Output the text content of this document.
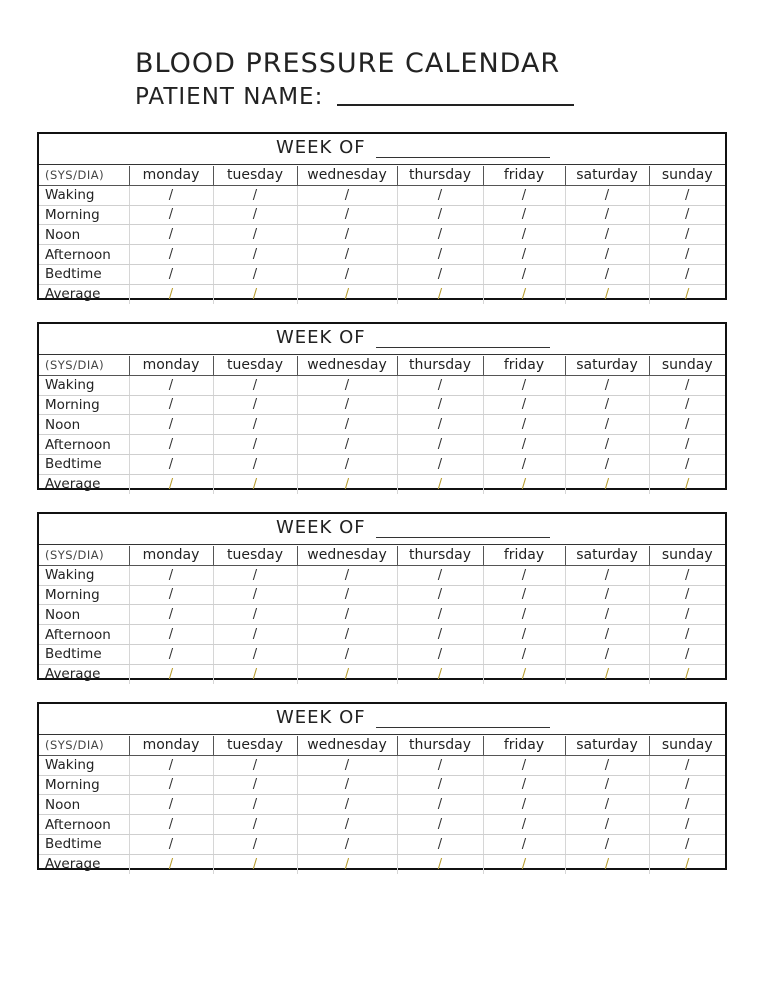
BLOOD PRESSURE CALENDAR
PATIENT NAME:
WEEK OF
(SYS/DIA)	monday	tuesday	wednesday	thursday	friday	saturday	sunday
Waking	/	/	/	/	/	/	/
Morning	/	/	/	/	/	/	/
Noon	/	/	/	/	/	/	/
Afternoon	/	/	/	/	/	/	/
Bedtime	/	/	/	/	/	/	/
Average	/	/	/	/	/	/	/
WEEK OF
(SYS/DIA)	monday	tuesday	wednesday	thursday	friday	saturday	sunday
Waking	/	/	/	/	/	/	/
Morning	/	/	/	/	/	/	/
Noon	/	/	/	/	/	/	/
Afternoon	/	/	/	/	/	/	/
Bedtime	/	/	/	/	/	/	/
Average	/	/	/	/	/	/	/
WEEK OF
(SYS/DIA)	monday	tuesday	wednesday	thursday	friday	saturday	sunday
Waking	/	/	/	/	/	/	/
Morning	/	/	/	/	/	/	/
Noon	/	/	/	/	/	/	/
Afternoon	/	/	/	/	/	/	/
Bedtime	/	/	/	/	/	/	/
Average	/	/	/	/	/	/	/
WEEK OF
(SYS/DIA)	monday	tuesday	wednesday	thursday	friday	saturday	sunday
Waking	/	/	/	/	/	/	/
Morning	/	/	/	/	/	/	/
Noon	/	/	/	/	/	/	/
Afternoon	/	/	/	/	/	/	/
Bedtime	/	/	/	/	/	/	/
Average	/	/	/	/	/	/	/
